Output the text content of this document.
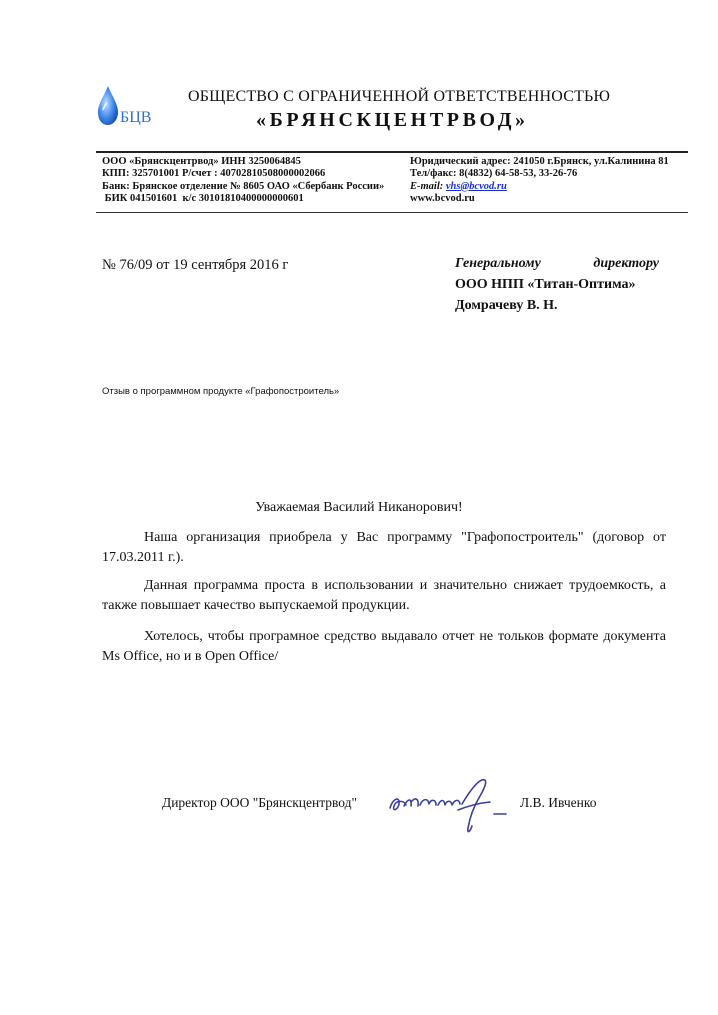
БЦВ
ОБЩЕСТВО С ОГРАНИЧЕННОЙ ОТВЕТСТВЕННОСТЬЮ
«БРЯНСКЦЕНТРВОД»
ООО «Брянскцентрвод» ИНН 3250064845
КПП: 325701001 Р/счет : 40702810508000002066
Банк: Брянское отделение № 8605 ОАО «Сбербанк России»
БИК 041501601  к/с 30101810400000000601
Юридический адрес: 241050 г.Брянск, ул.Калинина 81
Тел/факс: 8(4832) 64-58-53, 33-26-76
E-mail: vhs@bcvod.ru
www.bcvod.ru
№ 76/09 от 19 сентября 2016 г	Генеральному	директору
ООО НПП «Титан-Оптима»
Домрачеву В. Н.
Отзыв о программном продукте «Графопостроитель»
Уважаемая Василий Никанорович!
Наша организация приобрела у Вас программу "Графопостроитель" (договор от 17.03.2011 г.).
Данная программа проста в использовании и значительно снижает трудоемкость, а также повышает качество выпускаемой продукции.
Хотелось, чтобы програмное средство выдавало отчет не тольков формате документа Ms Office, но и в Open Office/
Директор ООО "Брянскцентрвод"	Л.В. Ивченко
